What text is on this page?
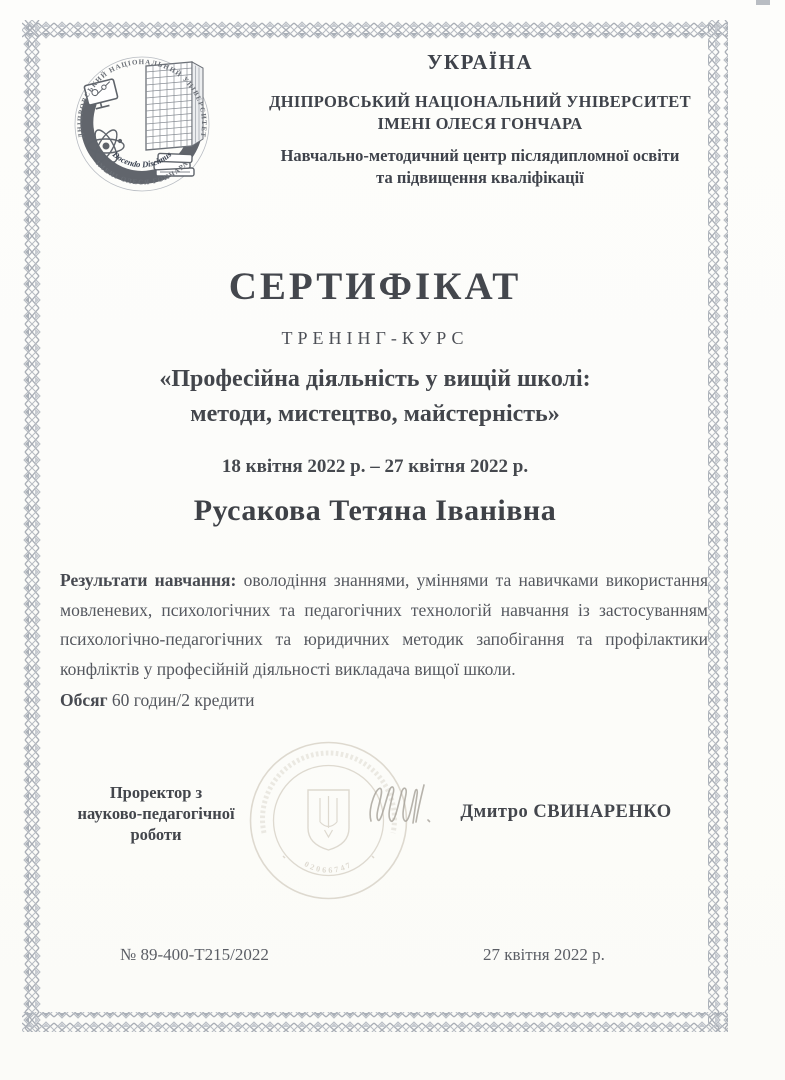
ДНІПРОВСЬКИЙ НАЦІОНАЛЬНИЙ УНІВЕРСИТЕТ
ІМЕНІ ОЛЕСЯ ГОНЧАРА
Docendo Discimus
УКРАЇНА
ДНІПРОВСЬКИЙ НАЦІОНАЛЬНИЙ УНІВЕРСИТЕТ
ІМЕНІ ОЛЕСЯ ГОНЧАРА
Навчально-методичний центр післядипломної освіти
та підвищення кваліфікації
СЕРТИФІКАТ
ТРЕНІНГ-КУРС
«Професійна діяльність у вищій школі:
методи, мистецтво, майстерність»
18 квітня 2022 р. – 27 квітня 2022 р.
Русакова Тетяна Іванівна

Результати навчання: оволодіння знаннями, уміннями та навичками використання мовленевих, психологічних та педагогічних технологій навчання із застосуванням психологічно-педагогічних та юридичних методик запобігання та профілактики конфліктів у професійній діяльності викладача вищої школи.

Обсяг 60 годин/2 кредити
02066747
Проректор з
науково-педагогічної роботи
Дмитро СВИНАРЕНКО
№ 89-400-Т215/2022	27 квітня 2022 р.
